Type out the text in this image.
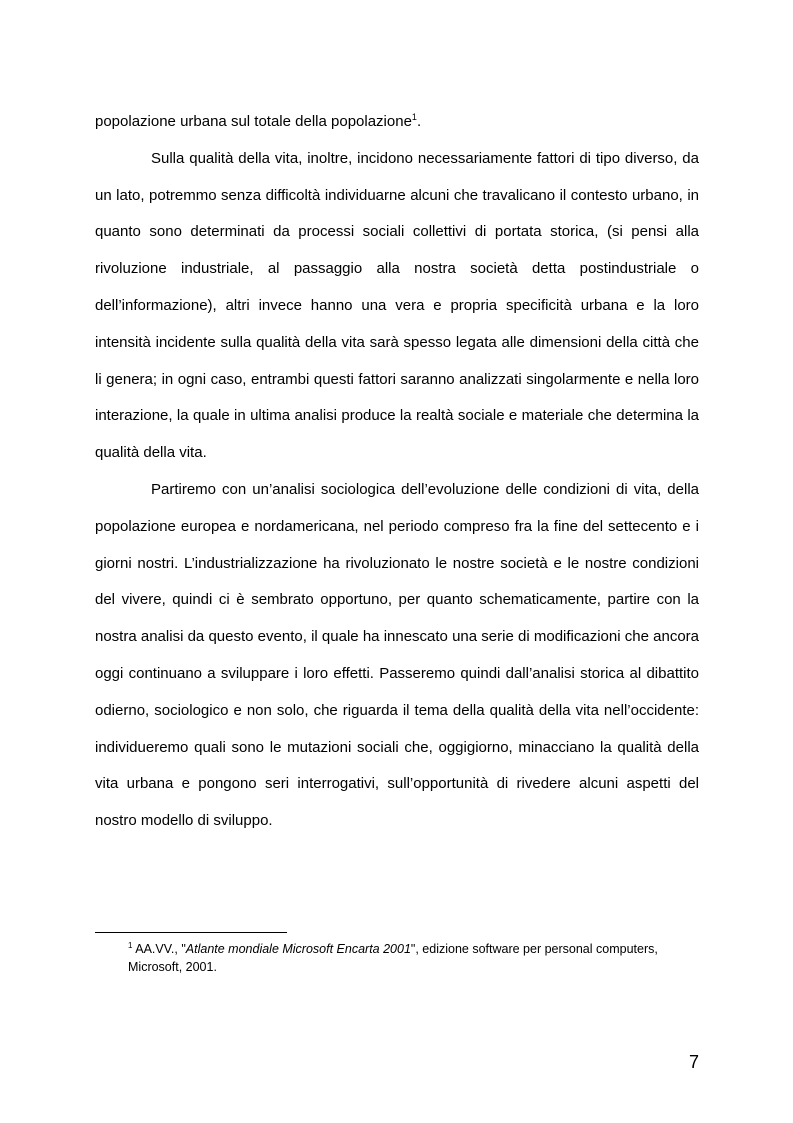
popolazione urbana sul totale della popolazione$^1$.

Sulla qualità della vita, inoltre, incidono necessariamente fattori di tipo diverso, da un lato, potremmo senza difficoltà individuarne alcuni che travalicano il contesto urbano, in quanto sono determinati da processi sociali collettivi di portata storica, (si pensi alla rivoluzione industriale, al passaggio alla nostra società detta postindustriale o dell’informazione), altri invece hanno una vera e propria specificità urbana e la loro intensità incidente sulla qualità della vita sarà spesso legata alle dimensioni della città che li genera; in ogni caso, entrambi questi fattori saranno analizzati singolarmente e nella loro interazione, la quale in ultima analisi produce la realtà sociale e materiale che determina la qualità della vita.

Partiremo con un’analisi sociologica dell’evoluzione delle condizioni di vita, della popolazione europea e nordamericana, nel periodo compreso fra la fine del settecento e i giorni nostri. L’industrializzazione ha rivoluzionato le nostre società e le nostre condizioni del vivere, quindi ci è sembrato opportuno, per quanto schematicamente, partire con la nostra analisi da questo evento, il quale ha innescato una serie di modificazioni che ancora oggi continuano a sviluppare i loro effetti. Passeremo quindi dall’analisi storica al dibattito odierno, sociologico e non solo, che riguarda il tema della qualità della vita nell’occidente: individueremo quali sono le mutazioni sociali che, oggigiorno, minacciano la qualità della vita urbana e pongono seri interrogativi, sull’opportunità di rivedere alcuni aspetti del nostro modello di sviluppo.

$^1$ AA.VV., "Atlante mondiale Microsoft Encarta 2001", edizione software per personal computers, Microsoft, 2001.
7
